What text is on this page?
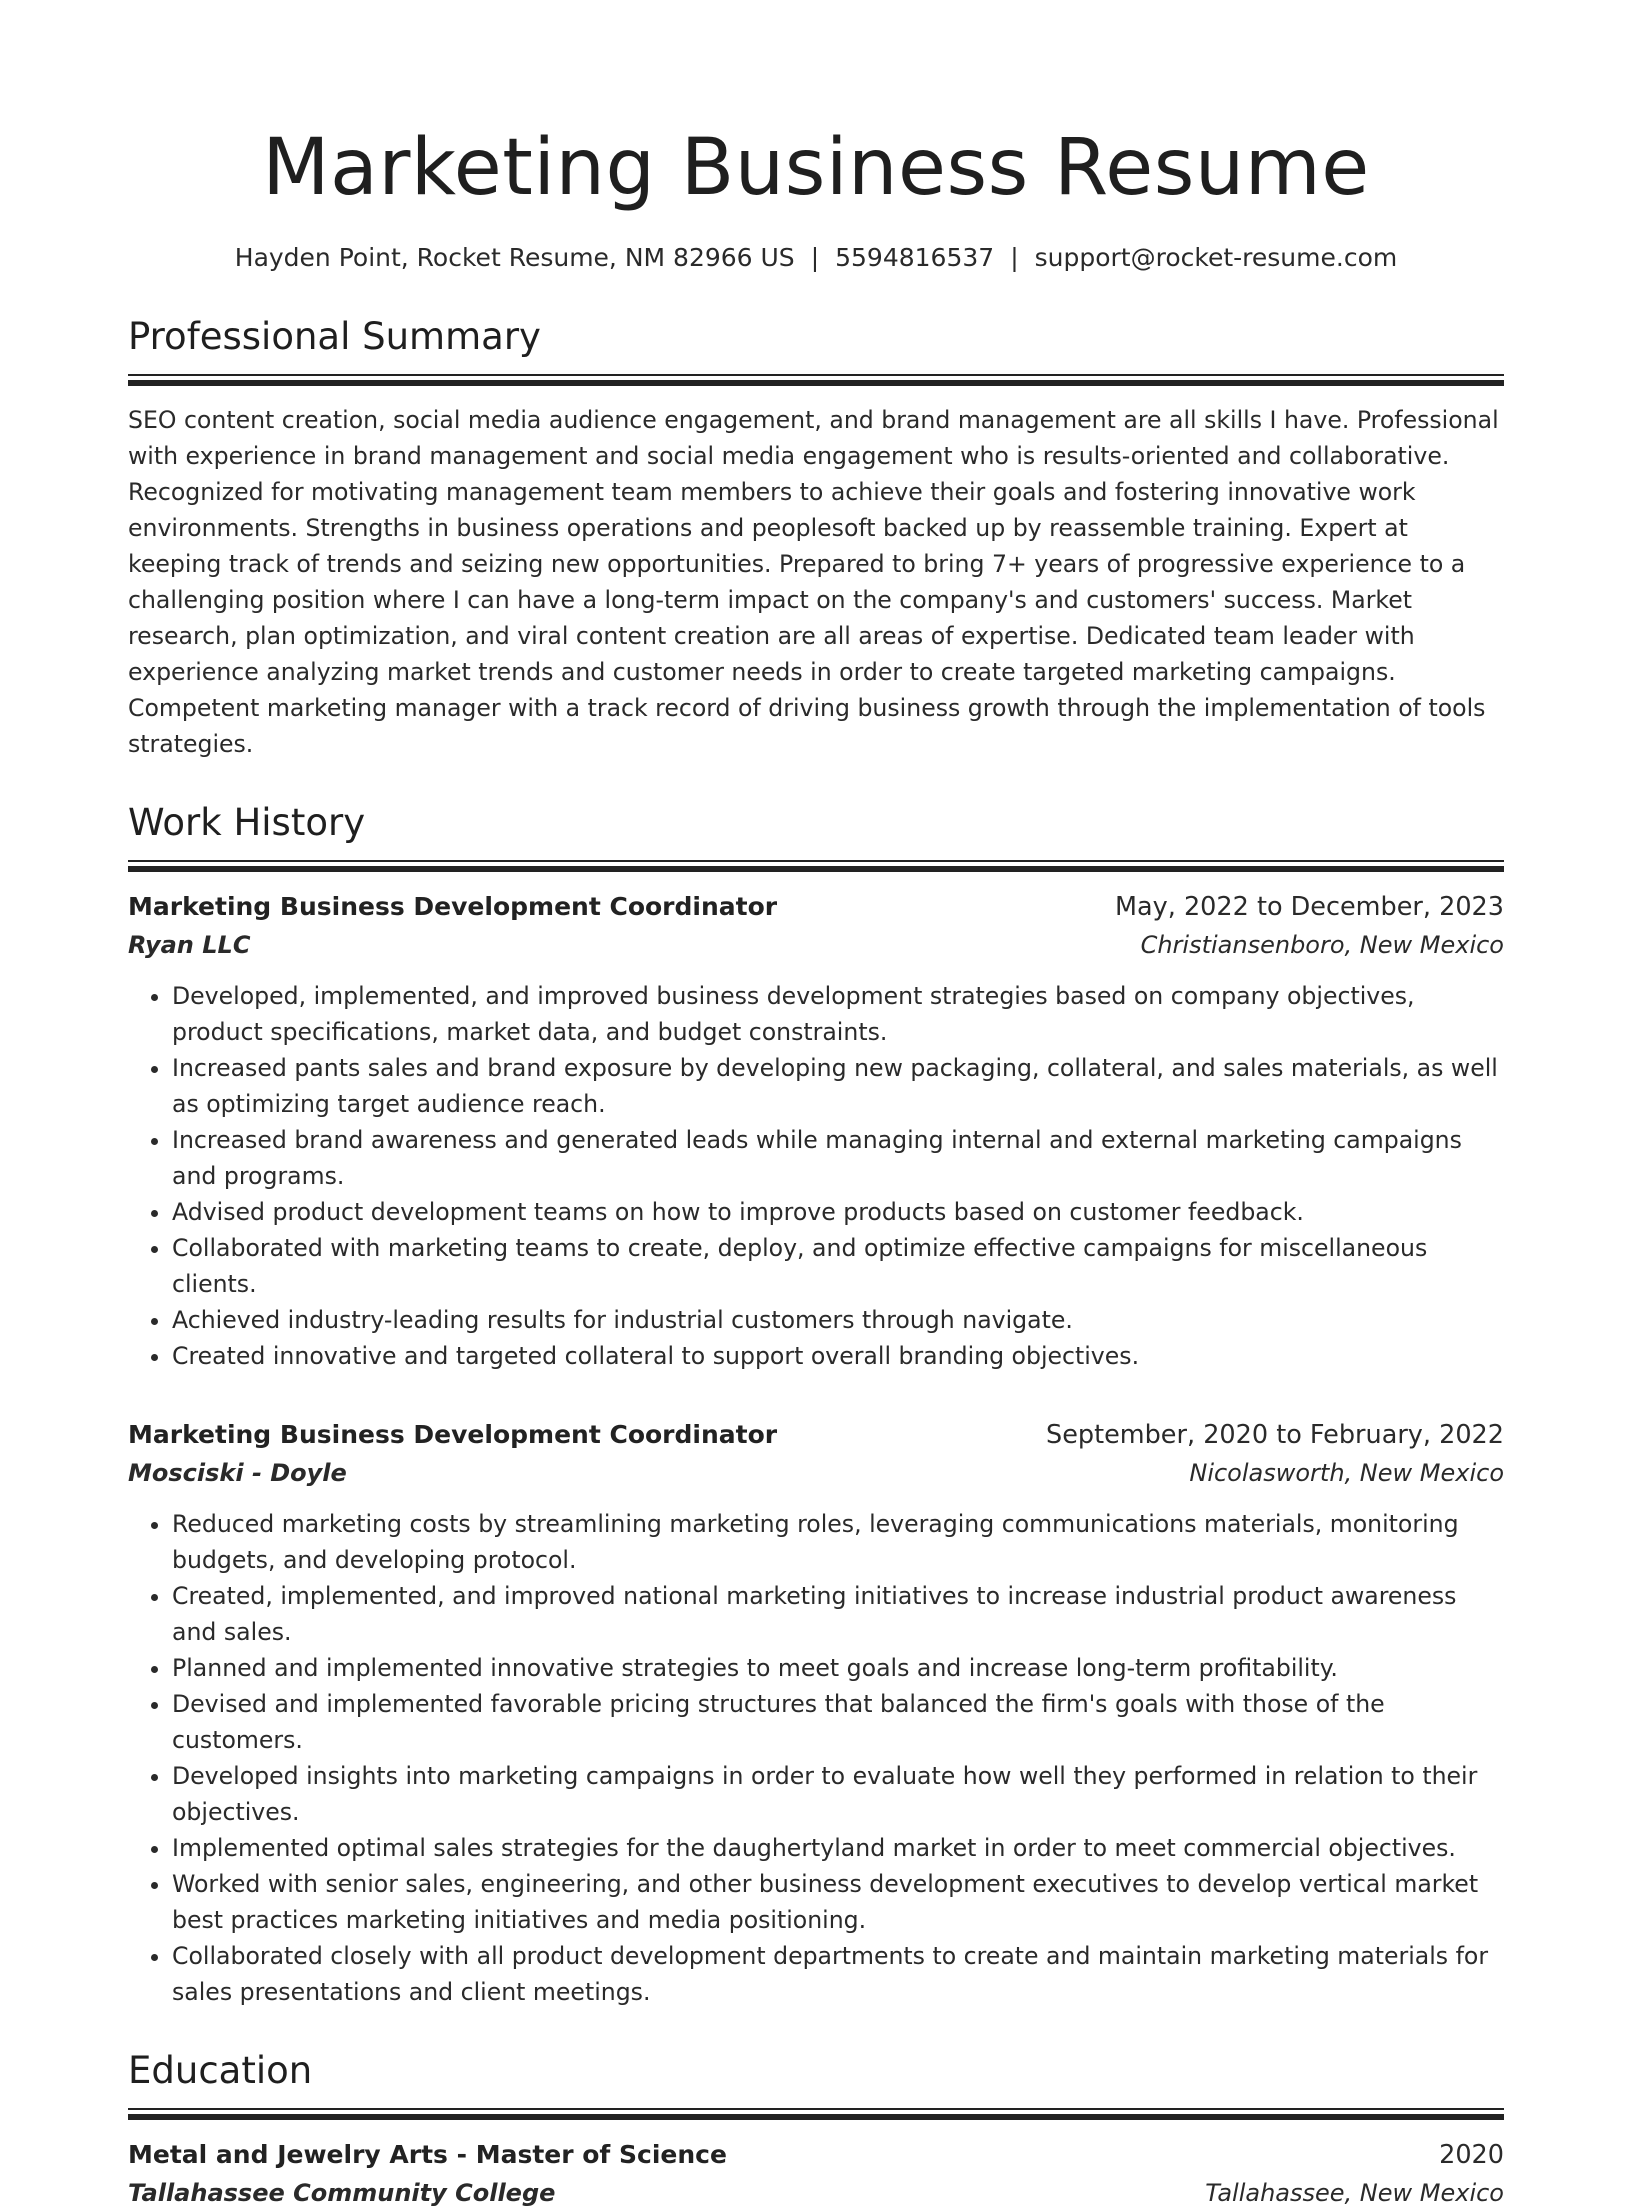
Marketing Business Resume
Hayden Point, Rocket Resume, NM 82966 US | 5594816537 | support@rocket-resume.com
Professional Summary
SEO content creation, social media audience engagement, and brand management are all skills I have. Professional with experience in brand management and social media engagement who is results-oriented and collaborative. Recognized for motivating management team members to achieve their goals and fostering innovative work environments. Strengths in business operations and peoplesoft backed up by reassemble training. Expert at keeping track of trends and seizing new opportunities. Prepared to bring 7+ years of progressive experience to a challenging position where I can have a long-term impact on the company's and customers' success. Market research, plan optimization, and viral content creation are all areas of expertise. Dedicated team leader with experience analyzing market trends and customer needs in order to create targeted marketing campaigns. Competent marketing manager with a track record of driving business growth through the implementation of tools strategies.
Work History
Marketing Business Development Coordinator	May, 2022 to December, 2023
Ryan LLC	Christiansenboro, New Mexico
• Developed, implemented, and improved business development strategies based on company objectives, product specifications, market data, and budget constraints.
• Increased pants sales and brand exposure by developing new packaging, collateral, and sales materials, as well as optimizing target audience reach.
• Increased brand awareness and generated leads while managing internal and external marketing campaigns and programs.
• Advised product development teams on how to improve products based on customer feedback.
• Collaborated with marketing teams to create, deploy, and optimize effective campaigns for miscellaneous clients.
• Achieved industry-leading results for industrial customers through navigate.
• Created innovative and targeted collateral to support overall branding objectives.
Marketing Business Development Coordinator	September, 2020 to February, 2022
Mosciski - Doyle	Nicolasworth, New Mexico
• Reduced marketing costs by streamlining marketing roles, leveraging communications materials, monitoring budgets, and developing protocol.
• Created, implemented, and improved national marketing initiatives to increase industrial product awareness and sales.
• Planned and implemented innovative strategies to meet goals and increase long-term profitability.
• Devised and implemented favorable pricing structures that balanced the firm's goals with those of the customers.
• Developed insights into marketing campaigns in order to evaluate how well they performed in relation to their objectives.
• Implemented optimal sales strategies for the daughertyland market in order to meet commercial objectives.
• Worked with senior sales, engineering, and other business development executives to develop vertical market best practices marketing initiatives and media positioning.
• Collaborated closely with all product development departments to create and maintain marketing materials for sales presentations and client meetings.
Education
Metal and Jewelry Arts - Master of Science	2020
Tallahassee Community College	Tallahassee, New Mexico
